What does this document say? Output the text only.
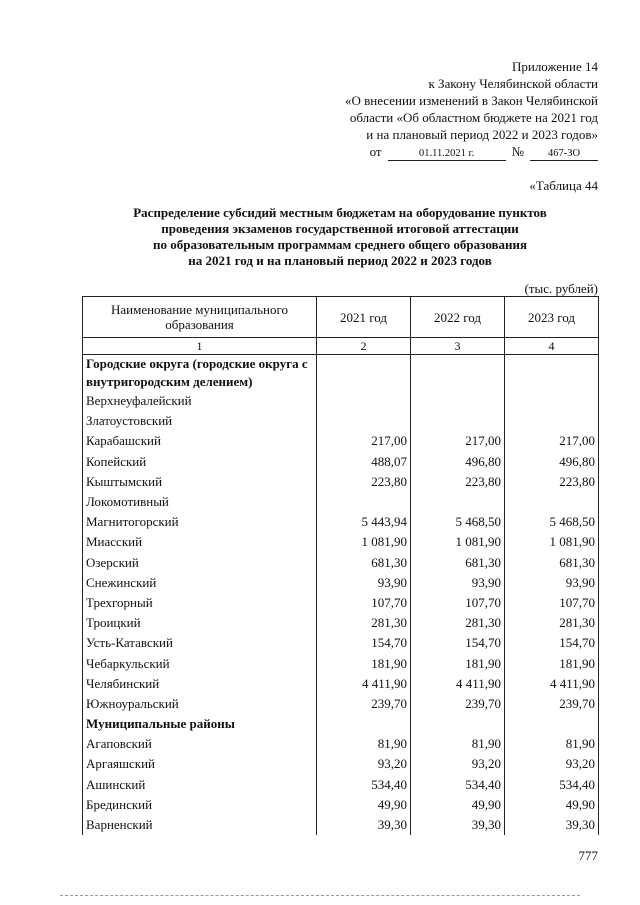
Приложение 14
к Закону Челябинской области
«О внесении изменений в Закон Челябинской
области «Об областном бюджете на 2021 год
и на плановый период 2022 и 2023 годов»
от	01.11.2021 г.	№	467-ЗО
«Таблица 44
Распределение субсидий местным бюджетам на оборудование пунктов
проведения экзаменов государственной итоговой аттестации
по образовательным программам среднего общего образования
на 2021 год и на плановый период 2022 и 2023 годов
(тыс. рублей)
Наименование муниципального образования	2021 год	2022 год	2023 год
1	2	3	4
Городские округа (городские округа с внутригородским делением)			
Верхнеуфалейский			
Златоустовский			
Карабашский	217,00	217,00	217,00
Копейский	488,07	496,80	496,80
Кыштымский	223,80	223,80	223,80
Локомотивный			
Магнитогорский	5 443,94	5 468,50	5 468,50
Миасский	1 081,90	1 081,90	1 081,90
Озерский	681,30	681,30	681,30
Снежинский	93,90	93,90	93,90
Трехгорный	107,70	107,70	107,70
Троицкий	281,30	281,30	281,30
Усть-Катавский	154,70	154,70	154,70
Чебаркульский	181,90	181,90	181,90
Челябинский	4 411,90	4 411,90	4 411,90
Южноуральский	239,70	239,70	239,70
Муниципальные районы			
Агаповский	81,90	81,90	81,90
Аргаяшский	93,20	93,20	93,20
Ашинский	534,40	534,40	534,40
Брединский	49,90	49,90	49,90
Варненский	39,30	39,30	39,30
777
